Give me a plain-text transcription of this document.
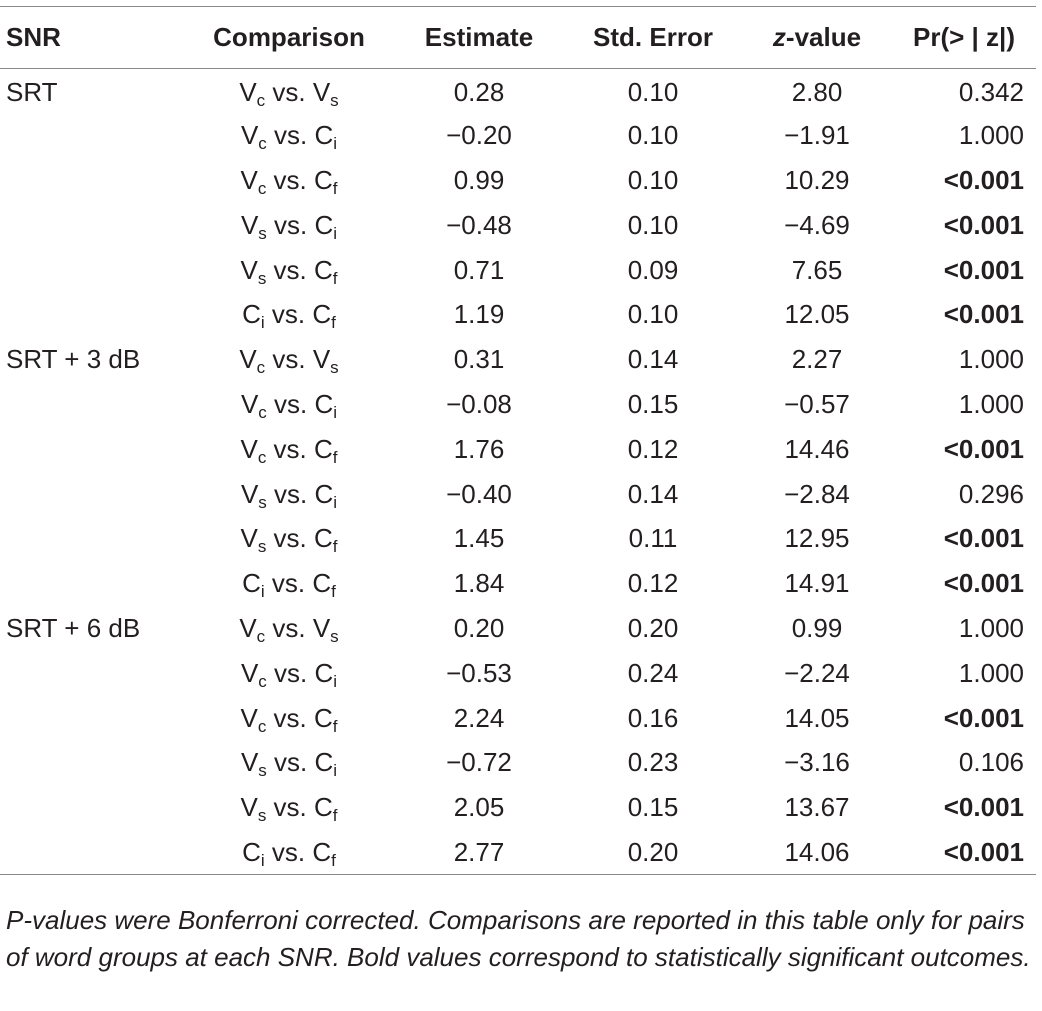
SNR	Comparison	Estimate	Std. Error	z-value	Pr(> | z|)
SRT	$V_c$ vs. $V_s$	0.28	0.10	2.80	0.342
	$V_c$ vs. $C_i$	−0.20	0.10	−1.91	1.000
	$V_c$ vs. $C_f$	0.99	0.10	10.29	<0.001
	$V_s$ vs. $C_i$	−0.48	0.10	−4.69	<0.001
	$V_s$ vs. $C_f$	0.71	0.09	7.65	<0.001
	$C_i$ vs. $C_f$	1.19	0.10	12.05	<0.001
SRT + 3 dB	$V_c$ vs. $V_s$	0.31	0.14	2.27	1.000
	$V_c$ vs. $C_i$	−0.08	0.15	−0.57	1.000
	$V_c$ vs. $C_f$	1.76	0.12	14.46	<0.001
	$V_s$ vs. $C_i$	−0.40	0.14	−2.84	0.296
	$V_s$ vs. $C_f$	1.45	0.11	12.95	<0.001
	$C_i$ vs. $C_f$	1.84	0.12	14.91	<0.001
SRT + 6 dB	$V_c$ vs. $V_s$	0.20	0.20	0.99	1.000
	$V_c$ vs. $C_i$	−0.53	0.24	−2.24	1.000
	$V_c$ vs. $C_f$	2.24	0.16	14.05	<0.001
	$V_s$ vs. $C_i$	−0.72	0.23	−3.16	0.106
	$V_s$ vs. $C_f$	2.05	0.15	13.67	<0.001
	$C_i$ vs. $C_f$	2.77	0.20	14.06	<0.001
P-values were Bonferroni corrected. Comparisons are reported in this table only for pairs of word groups at each SNR. Bold values correspond to statistically significant outcomes.
